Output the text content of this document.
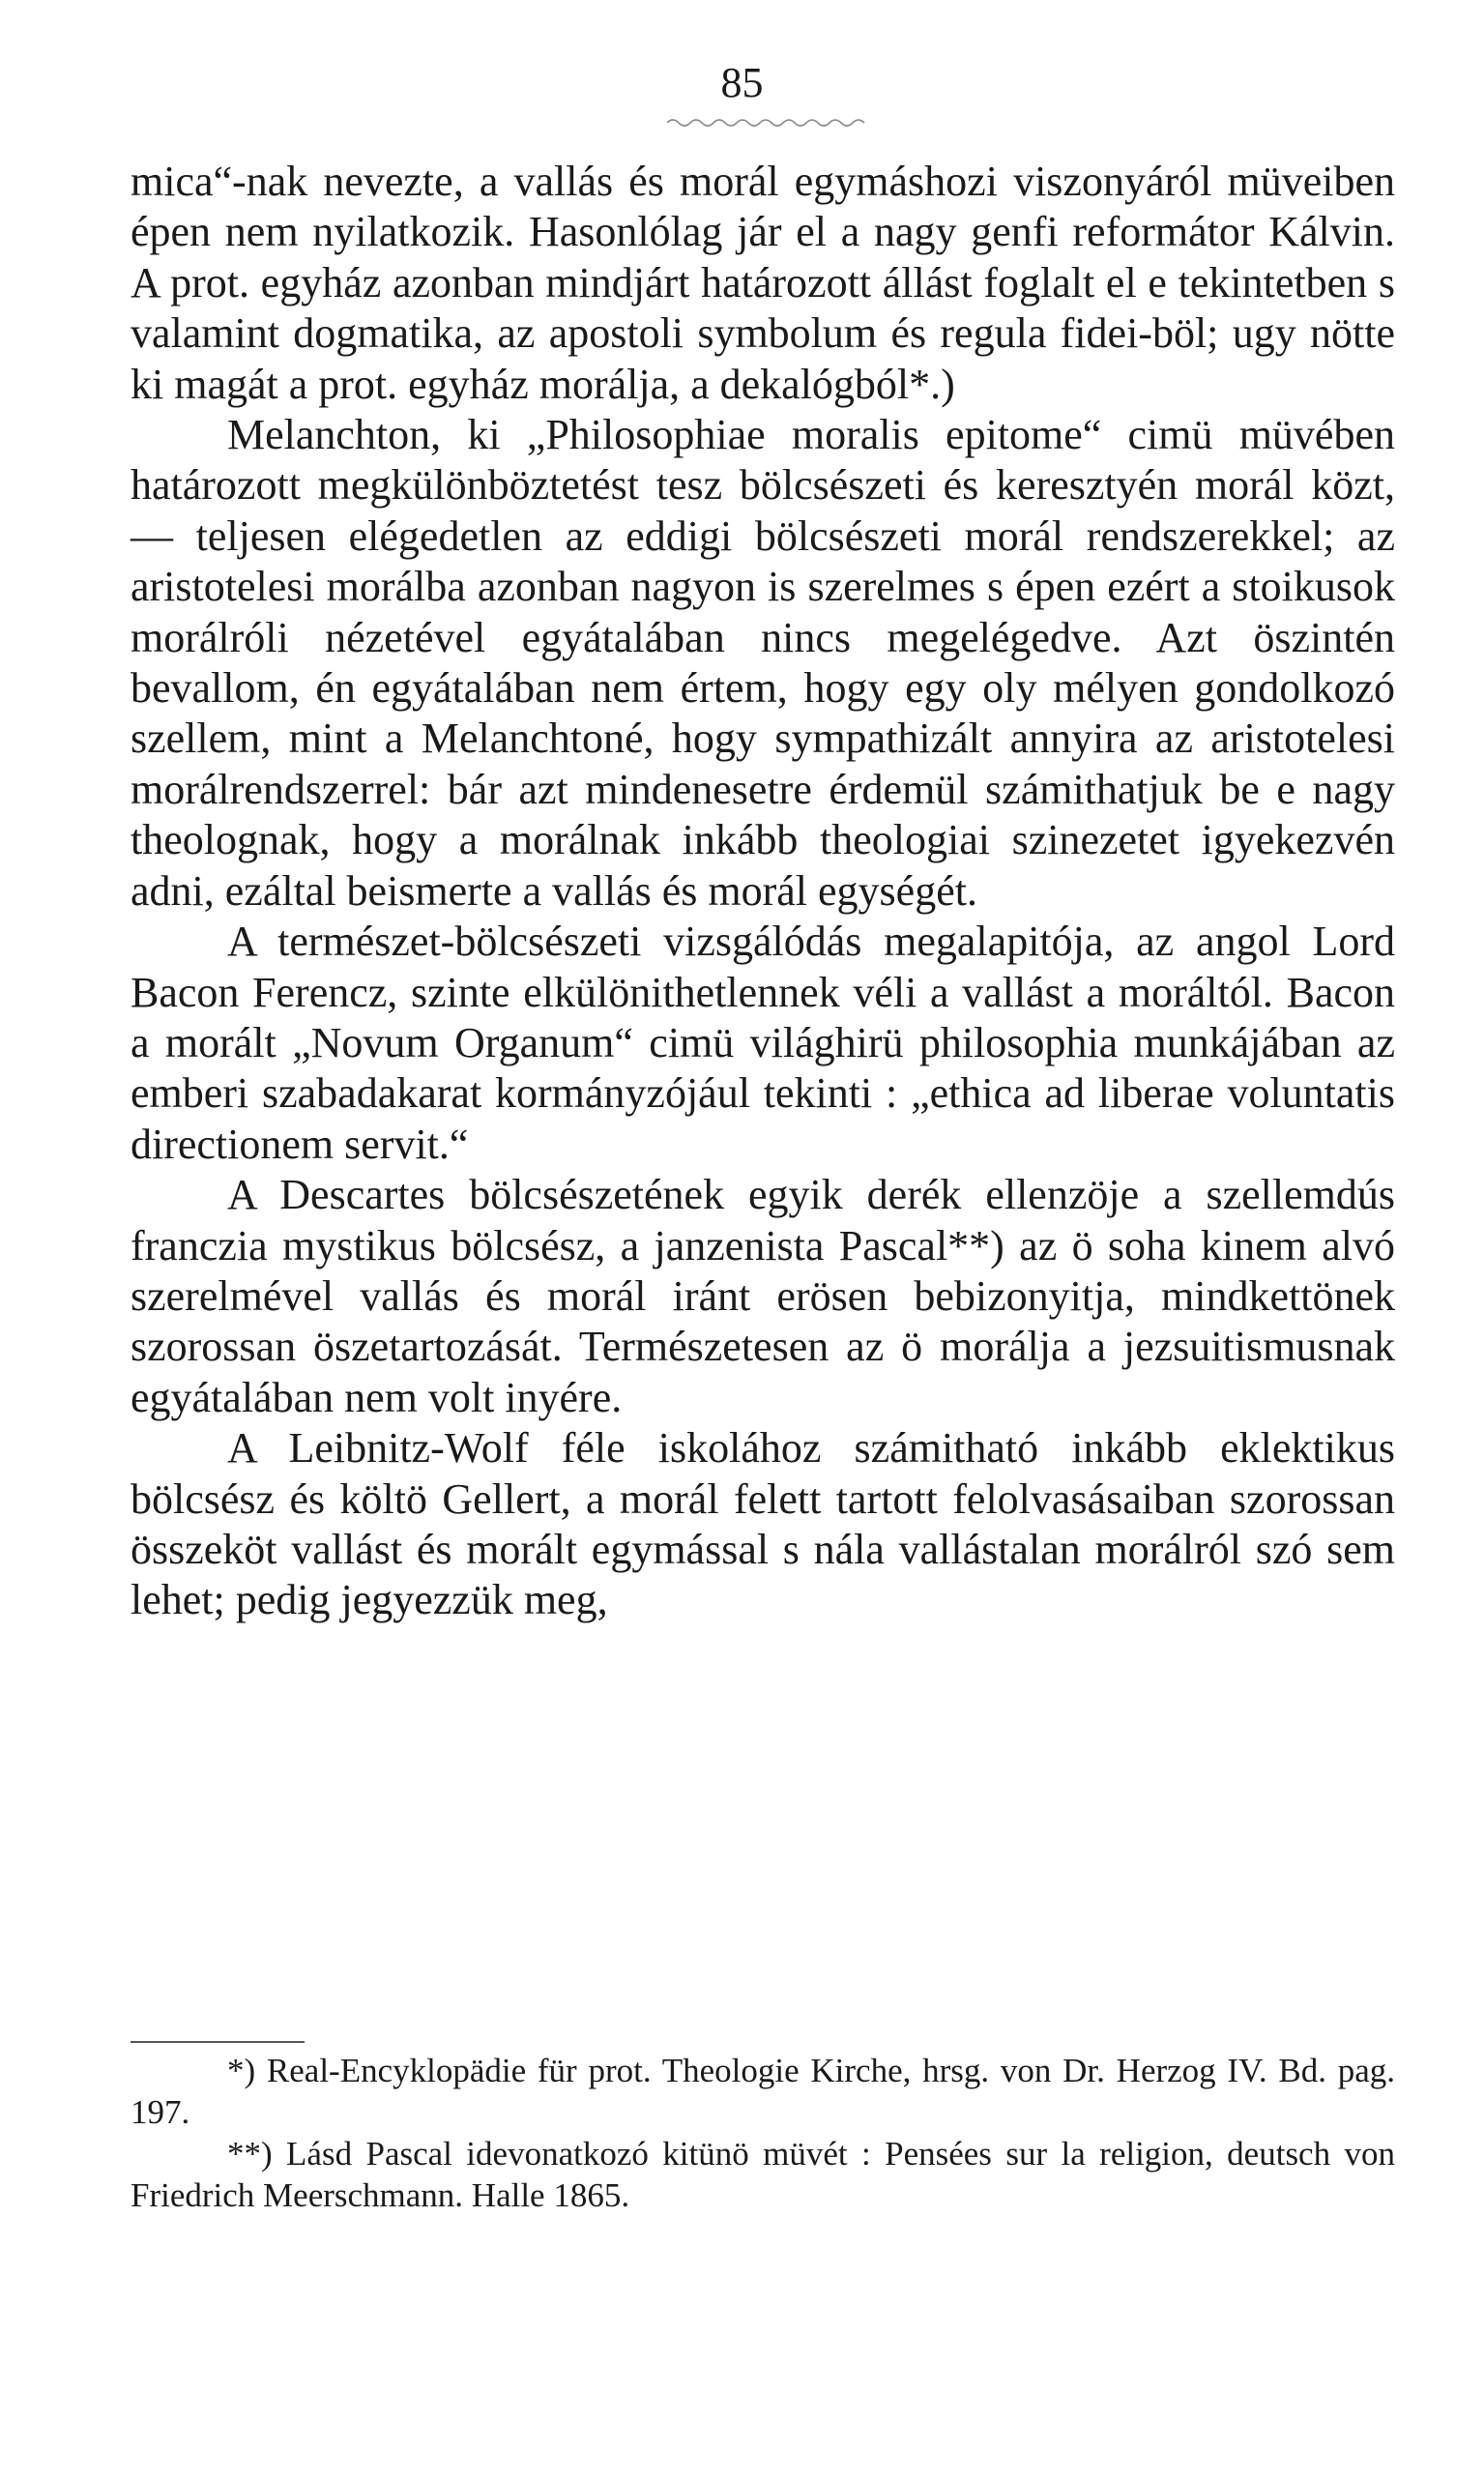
85

mica“-nak nevezte, a vallás és morál egymáshozi viszonyáról müveiben épen nem nyilatkozik. Hasonlólag jár el a nagy genfi reformátor Kálvin. A prot. egyház azonban mindjárt határozott állást foglalt el e tekintetben s valamint dogmatika, az apostoli symbolum és regula fidei-böl; ugy nötte ki magát a prot. egyház morálja, a dekalógból*.)

Melanchton, ki „Philosophiae moralis epitome“ cimü müvében határozott megkülönböztetést tesz bölcsészeti és keresztyén morál közt, — teljesen elégedetlen az eddigi bölcsészeti morál rendszerekkel; az aristotelesi morálba azonban nagyon is szerelmes s épen ezért a stoikusok morálróli nézetével egyátalában nincs megelégedve. Azt öszintén bevallom, én egyátalában nem értem, hogy egy oly mélyen gondolkozó szellem, mint a Melanchtoné, hogy sympathizált annyira az aristotelesi morálrendszerrel: bár azt mindenesetre érdemül számithatjuk be e nagy theolognak, hogy a morálnak inkább theologiai szinezetet igyekezvén adni, ezáltal beismerte a vallás és morál egységét.

A természet-bölcsészeti vizsgálódás megalapitója, az angol Lord Bacon Ferencz, szinte elkülönithetlennek véli a vallást a moráltól. Bacon a morált „Novum Organum“ cimü világhirü philosophia munkájában az emberi szabadakarat kormányzójául tekinti : „ethica ad liberae voluntatis directionem servit.“

A Descartes bölcsészetének egyik derék ellenzöje a szellemdús franczia mystikus bölcsész, a janzenista Pascal**) az ö soha kinem alvó szerelmével vallás és morál iránt erösen bebizonyitja, mindkettönek szorossan öszetartozását. Természetesen az ö morálja a jezsuitismusnak egyátalában nem volt inyére.

A Leibnitz-Wolf féle iskolához számitható inkább eklektikus bölcsész és költö Gellert, a morál felett tartott felolvasásaiban szorossan összeköt vallást és morált egymással s nála vallástalan morálról szó sem lehet; pedig jegyezzük meg,

*) Real-Encyklopädie für prot. Theologie Kirche, hrsg. von Dr. Herzog IV. Bd. pag. 197.

**) Lásd Pascal idevonatkozó kitünö müvét : Pensées sur la religion, deutsch von Friedrich Meerschmann. Halle 1865.
